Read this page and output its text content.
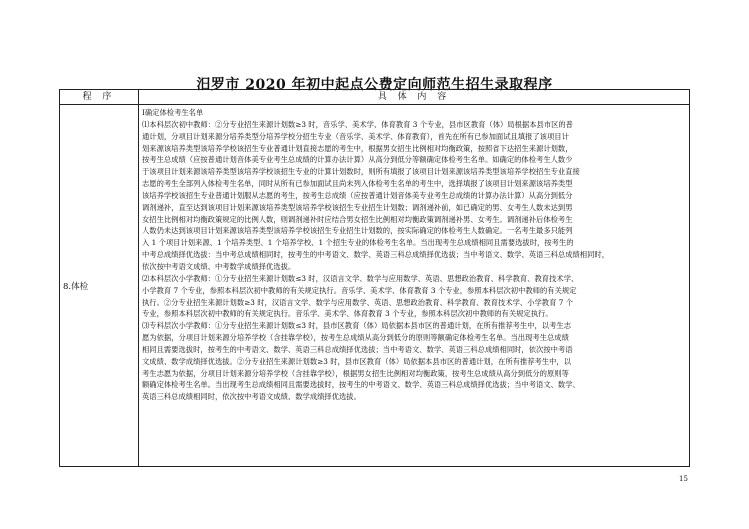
汨罗市 2020 年初中起点公费定向师范生招生录取程序
程 序	具 体 内 容
8.体检

Ⅰ确定体检考生名单

⑴本科层次初中教师：②分专业招生来源计划数≥3 时，音乐学、美术学、体育教育 3 个专业，县市区教育（体）局根据本县市区的普

通计划，分项目计划来源分培养类型分培养学校分招生专业（音乐学、美术学、体育教育），首先在所有已参加面试且填报了该项目计

划来源该培养类型该培养学校该招生专业普通计划直接志愿的考生中，根据男女招生比例相对均衡政策，按照省下达招生来源计划数，

按考生总成绩（应按普通计划音体美专业考生总成绩的计算办法计算）从高分到低分等额确定体检考生名单。如确定的体检考生人数少

于该项目计划来源该培养类型该培养学校该招生专业的计算计划数时，则所有填报了该项目计划来源该培养类型该培养学校招生专业直接

志愿的考生全部列入体检考生名单，同时从所有已参加面试且尚未列入体检考生名单的考生中，选择填报了该项目计划来源该培养类型

该培养学校该招生专业普通计划服从志愿的考生，按考生总成绩（应按普通计划音体美专业考生总成绩的计算办法计算）从高分到低分

调剂递补，直至达到该项目计划来源该培养类型该培养学校该招生专业招生计划数；调剂递补前，如已确定的男、女考生人数未达到男

女招生比例相对均衡政策规定的比例人数，则调剂递补时应结合男女招生比例相对均衡政策调剂递补男、女考生。调剂递补后体检考生

人数仍未达到该项目计划来源该培养类型该培养学校该招生专业招生计划数的，按实际确定的体检考生人数确定。一名考生最多只能列

入 1 个项目计划来源、1 个培养类型、1 个培养学校、1 个招生专业的体检考生名单。当出现考生总成绩相同且需要选拔时，按考生的

中考总成绩择优选拔：当中考总成绩相同时，按考生的中考语文、数学、英语三科总成绩择优选拔；当中考语文、数学、英语三科总成绩相同时，

依次按中考语文成绩、中考数学成绩择优选拔。

⑵本科层次小学教师：①分专业招生来源计划数≤3 时，汉语言文学、数学与应用数学、英语、思想政治教育、科学教育、教育技术学、

小学教育 7 个专业，参照本科层次初中教师的有关规定执行。音乐学、美术学、体育教育 3 个专业，参照本科层次初中教师的有关规定

执行。②分专业招生来源计划数≥3 时，汉语言文学、数学与应用数学、英语、思想政治教育、科学教育、教育技术学、小学教育 7 个

专业，参照本科层次初中教师的有关规定执行。音乐学、美术学、体育教育 3 个专业，参照本科层次初中教师的有关规定执行。

⑶专科层次小学教师：①分专业招生来源计划数≤3 时，县市区教育（体）局依据本县市区的普通计划，在所有推荐考生中，以考生志

愿为依据，分项目计划来源分培养学校（含挂靠学校），按考生总成绩从高分到低分的原则等额确定体检考生名单。当出现考生总成绩

相同且需要选拔时，按考生的中考语文、数学、英语三科总成绩择优选拔；当中考语文、数学、英语三科总成绩相同时，依次按中考语

文成绩、数学成绩择优选拔。②分专业招生来源计划数≥3 时，县市区教育（体）局依据本县市区的普通计划，在所有推荐考生中，以

考生志愿为依据，分项目计划来源分培养学校（含挂靠学校），根据男女招生比例相对均衡政策，按考生总成绩从高分到低分的原则等

额确定体检考生名单。当出现考生总成绩相同且需要选拔时，按考生的中考语文、数学、英语三科总成绩择优选拔；当中考语文、数学、

英语三科总成绩相同时，依次按中考语文成绩、数学成绩择优选拔。

15
